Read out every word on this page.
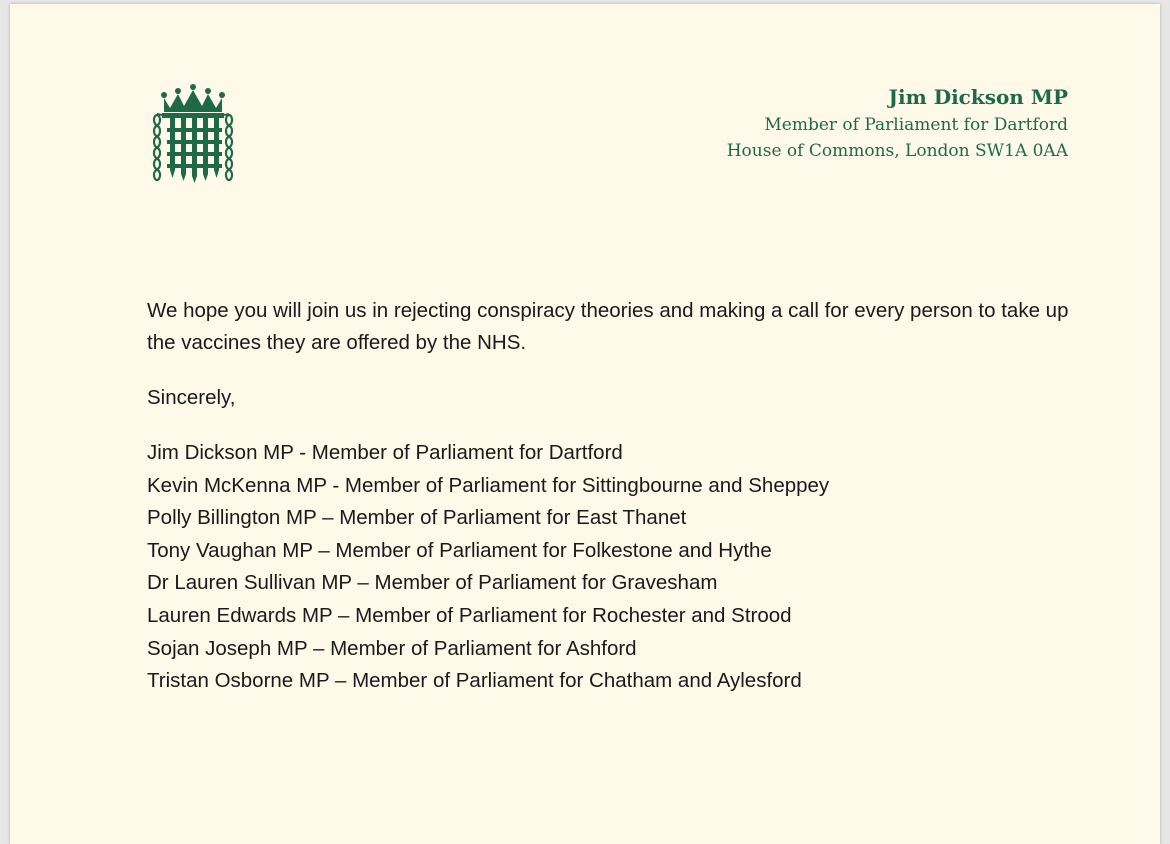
Jim Dickson MP
Member of Parliament for Dartford
House of Commons, London SW1A 0AA

We hope you will join us in rejecting conspiracy theories and making a call for every person to take up the vaccines they are offered by the NHS.

Sincerely,
Jim Dickson MP - Member of Parliament for Dartford
Kevin McKenna MP - Member of Parliament for Sittingbourne and Sheppey
Polly Billington MP – Member of Parliament for East Thanet
Tony Vaughan MP – Member of Parliament for Folkestone and Hythe
Dr Lauren Sullivan MP – Member of Parliament for Gravesham
Lauren Edwards MP – Member of Parliament for Rochester and Strood
Sojan Joseph MP – Member of Parliament for Ashford
Tristan Osborne MP – Member of Parliament for Chatham and Aylesford
